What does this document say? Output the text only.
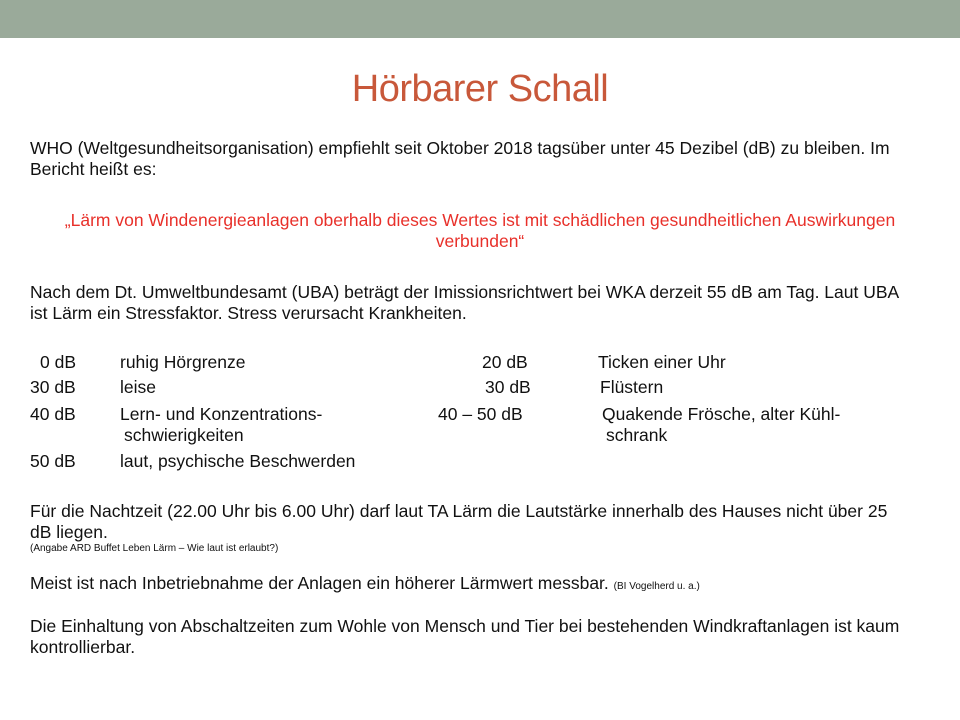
Hörbarer Schall
WHO (Weltgesundheitsorganisation) empfiehlt seit Oktober 2018 tagsüber unter 45 Dezibel (dB) zu bleiben. Im Bericht heißt es:
„Lärm von Windenergieanlagen oberhalb dieses Wertes ist mit schädlichen gesundheitlichen Auswirkungen verbunden“
Nach dem Dt. Umweltbundesamt (UBA) beträgt der Imissionsrichtwert bei WKA derzeit 55 dB am Tag. Laut UBA ist Lärm ein Stressfaktor. Stress verursacht Krankheiten.
0 dB	ruhig Hörgrenze
30 dB	leise
40 dB	Lern- und Konzentrations-
schwierigkeiten
50 dB	laut, psychische Beschwerden
20 dB	Ticken einer Uhr
30 dB	Flüstern
40 – 50 dB	Quakende Frösche, alter Kühl-
schrank
Für die Nachtzeit (22.00 Uhr bis 6.00 Uhr) darf laut TA Lärm die Lautstärke innerhalb des Hauses nicht über 25 dB liegen.
(Angabe ARD Buffet Leben Lärm – Wie laut ist erlaubt?)
Meist ist nach Inbetriebnahme der Anlagen ein höherer Lärmwert messbar. (BI Vogelherd u. a.)
Die Einhaltung von Abschaltzeiten zum Wohle von Mensch und Tier bei bestehenden Windkraftanlagen ist kaum kontrollierbar.
